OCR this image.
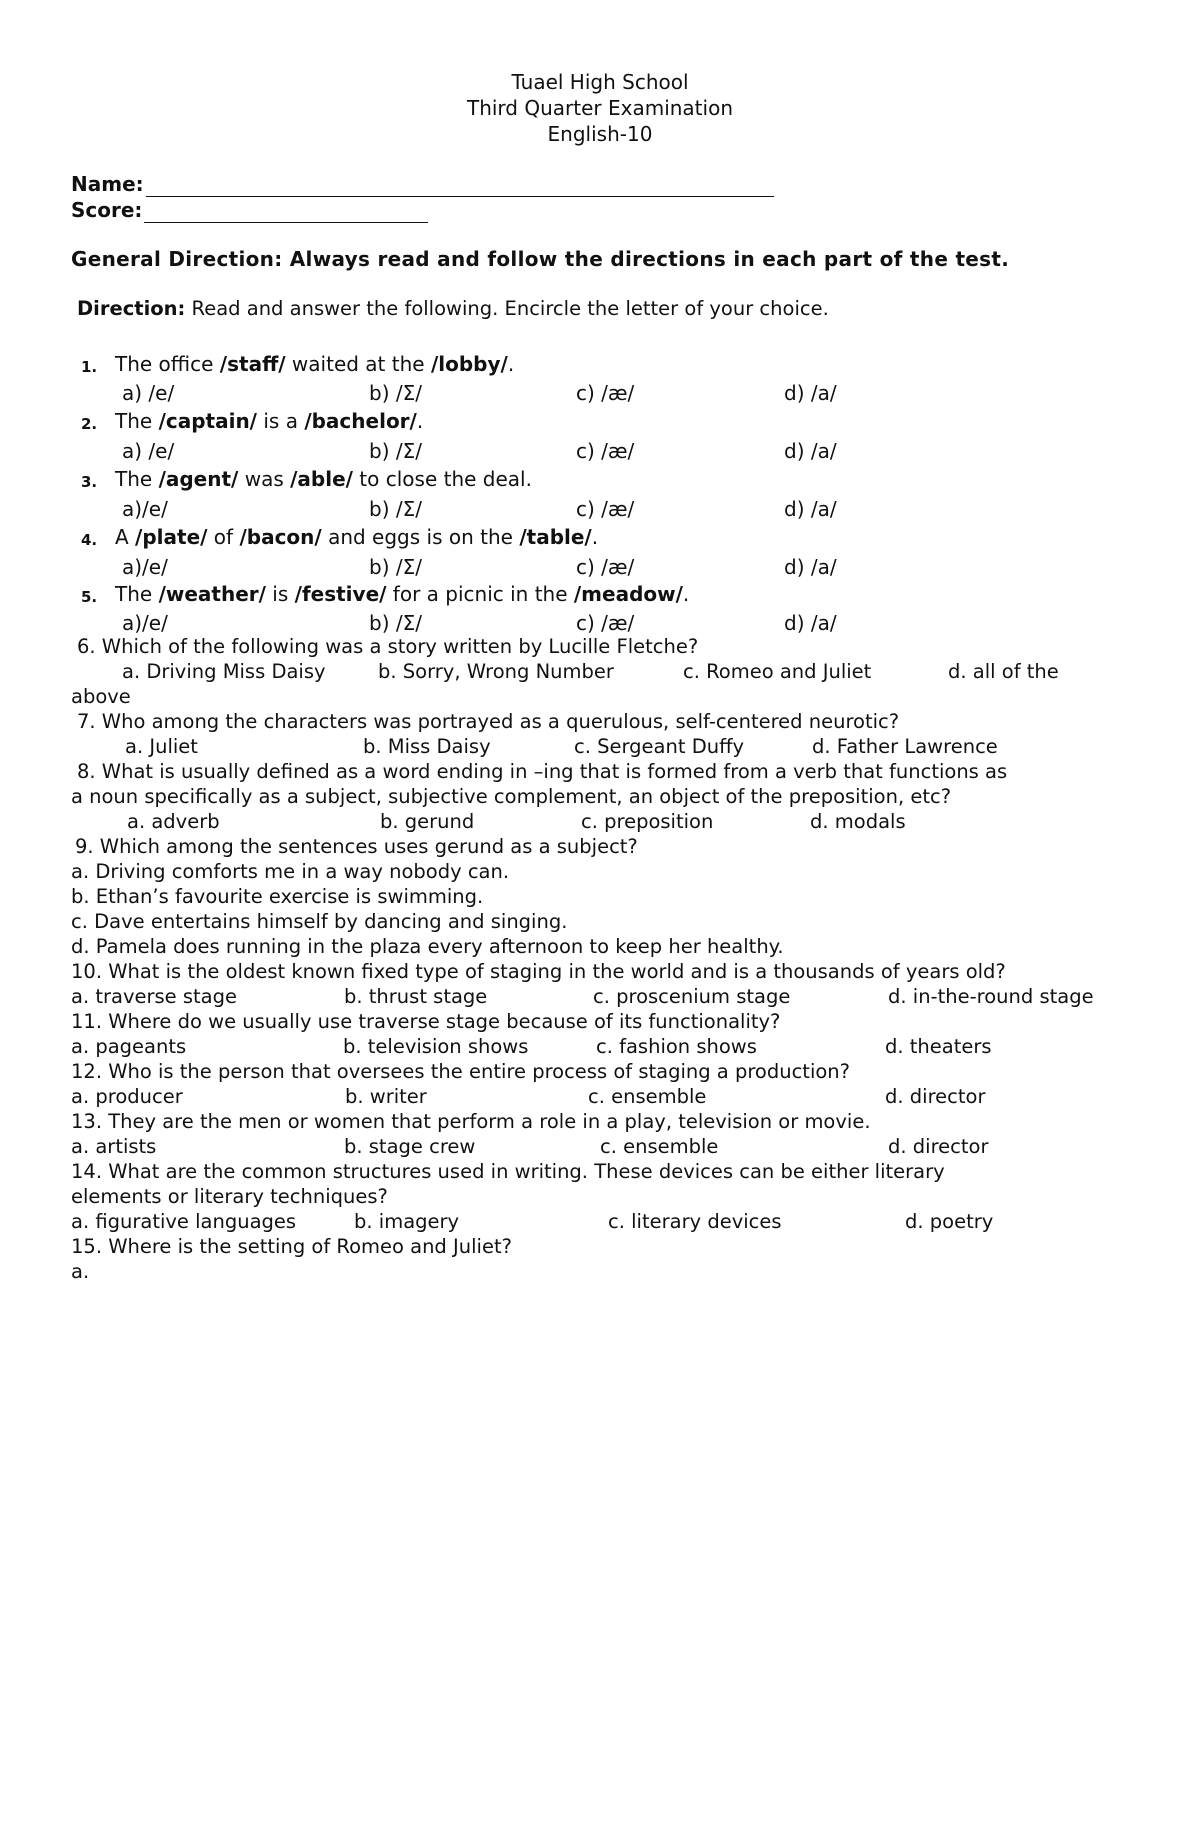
Tuael High School
Third Quarter Examination
English-10
Name:
Score:
General Direction: Always read and follow the directions in each part of the test.
Direction: Read and answer the following. Encircle the letter of your choice.
1. The office /staff/ waited at the /lobby/.
a) /e/	b) /Σ/	c) /æ/	d) /a/
2. The /captain/ is a /bachelor/.
a) /e/	b) /Σ/	c) /æ/	d) /a/
3. The /agent/ was /able/ to close the deal.
a)/e/	b) /Σ/	c) /æ/	d) /a/
4. A /plate/ of /bacon/ and eggs is on the /table/.
a)/e/	b) /Σ/	c) /æ/	d) /a/
5. The /weather/ is /festive/ for a picnic in the /meadow/.
a)/e/	b) /Σ/	c) /æ/	d) /a/
6. Which of the following was a story written by Lucille Fletche?
a. Driving Miss Daisy	b. Sorry, Wrong Number	c. Romeo and Juliet	d. all of the
above
7. Who among the characters was portrayed as a querulous, self-centered neurotic?
a. Juliet	b. Miss Daisy	c. Sergeant Duffy	d. Father Lawrence
8. What is usually defined as a word ending in –ing that is formed from a verb that functions as
a noun specifically as a subject, subjective complement, an object of the preposition, etc?
a. adverb	b. gerund	c. preposition	d. modals
9. Which among the sentences uses gerund as a subject?
a. Driving comforts me in a way nobody can.
b. Ethan’s favourite exercise is swimming.
c. Dave entertains himself by dancing and singing.
d. Pamela does running in the plaza every afternoon to keep her healthy.
10. What is the oldest known fixed type of staging in the world and is a thousands of years old?
a. traverse stage	b. thrust stage	c. proscenium stage	d. in-the-round stage
11. Where do we usually use traverse stage because of its functionality?
a. pageants	b. television shows	c. fashion shows	d. theaters
12. Who is the person that oversees the entire process of staging a production?
a. producer	b. writer	c. ensemble	d. director
13. They are the men or women that perform a role in a play, television or movie.
a. artists	b. stage crew	c. ensemble	d. director
14. What are the common structures used in writing. These devices can be either literary
elements or literary techniques?
a. figurative languages	b. imagery	c. literary devices	d. poetry
15. Where is the setting of Romeo and Juliet?
a.
